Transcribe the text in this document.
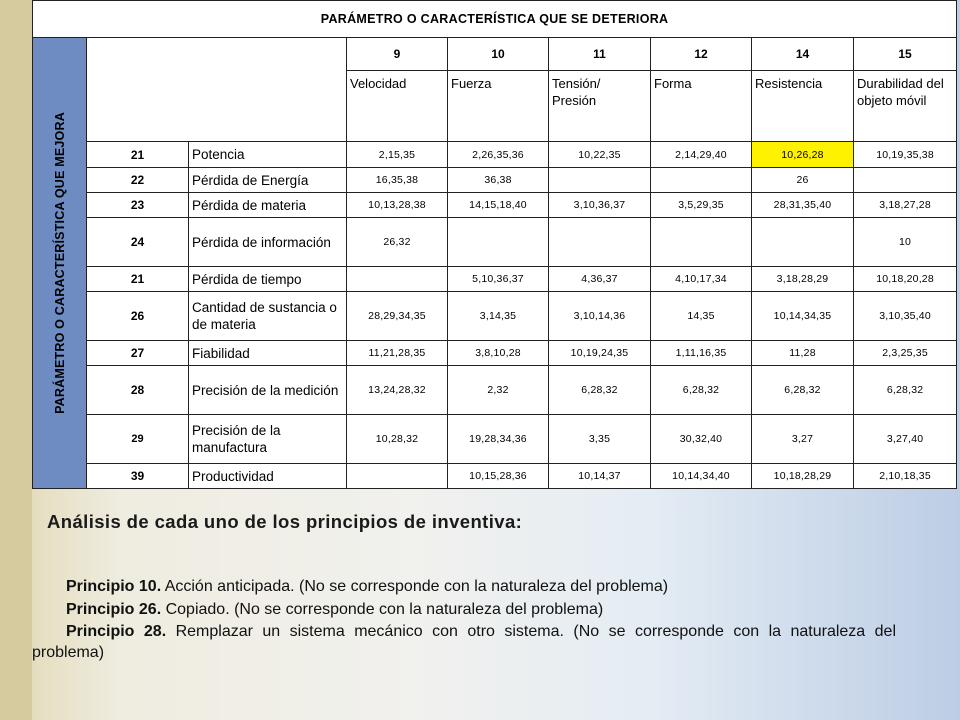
PARÁMETRO O CARACTERÍSTICA QUE SE DETERIORA								

PARÁMETRO O CARACTERÍSTICA QUE MEJORA			9	10	11	12	14	15
			Velocidad	Fuerza	Tensión/ Presión	Forma	Resistencia	Durabilidad del objeto móvil
	21	Potencia	2,15,35	2,26,35,36	10,22,35	2,14,29,40	10,26,28	10,19,35,38
	22	Pérdida de Energía	16,35,38	36,38			26	
	23	Pérdida de materia	10,13,28,38	14,15,18,40	3,10,36,37	3,5,29,35	28,31,35,40	3,18,27,28
	24	Pérdida de información	26,32					10
	21	Pérdida de tiempo		5,10,36,37	4,36,37	4,10,17,34	3,18,28,29	10,18,20,28
	26	Cantidad de sustancia o de materia	28,29,34,35	3,14,35	3,10,14,36	14,35	10,14,34,35	3,10,35,40
	27	Fiabilidad	11,21,28,35	3,8,10,28	10,19,24,35	1,11,16,35	11,28	2,3,25,35
	28	Precisión de la medición	13,24,28,32	2,32	6,28,32	6,28,32	6,28,32	6,28,32
	29	Precisión de la manufactura	10,28,32	19,28,34,36	3,35	30,32,40	3,27	3,27,40
	39	Productividad		10,15,28,36	10,14,37	10,14,34,40	10,18,28,29	2,10,18,35
Análisis de cada uno de los principios de inventiva:
Principio 10. Acción anticipada. (No se corresponde con la naturaleza del problema)
Principio 26. Copiado. (No se corresponde con la naturaleza del problema)
Principio 28. Remplazar un sistema mecánico con otro sistema. (No se corresponde con la naturaleza del problema)
